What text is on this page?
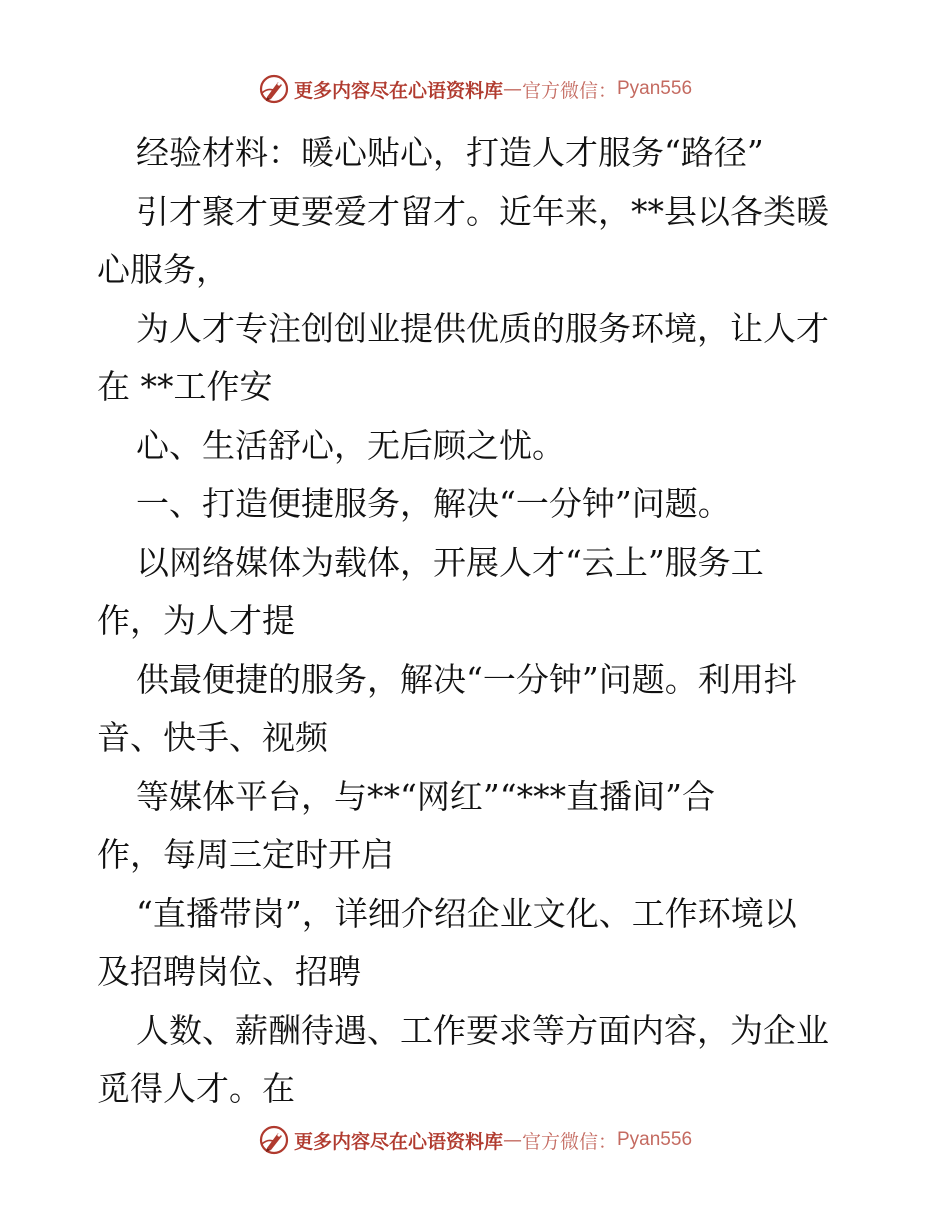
更多内容尽在心语资料库 — 官方微信： Pyan556
经验材料：暖心贴心，打造人才服务“路径”
引才聚才更要爱才留才。近年来，**县以各类暖
心服务，
为人才专注创创业提供优质的服务环境，让人才
在 **工作安
心、生活舒心，无后顾之忧。
一、打造便捷服务，解决“一分钟”问题。
以网络媒体为载体，开展人才“云上”服务工
作，为人才提
供最便捷的服务，解决“一分钟”问题。利用抖
音、快手、视频
等媒体平台，与**“网红”“***直播间”合
作，每周三定时开启
“直播带岗”，详细介绍企业文化、工作环境以
及招聘岗位、招聘
人数、薪酬待遇、工作要求等方面内容，为企业
觅得人才。在
更多内容尽在心语资料库 — 官方微信： Pyan556
